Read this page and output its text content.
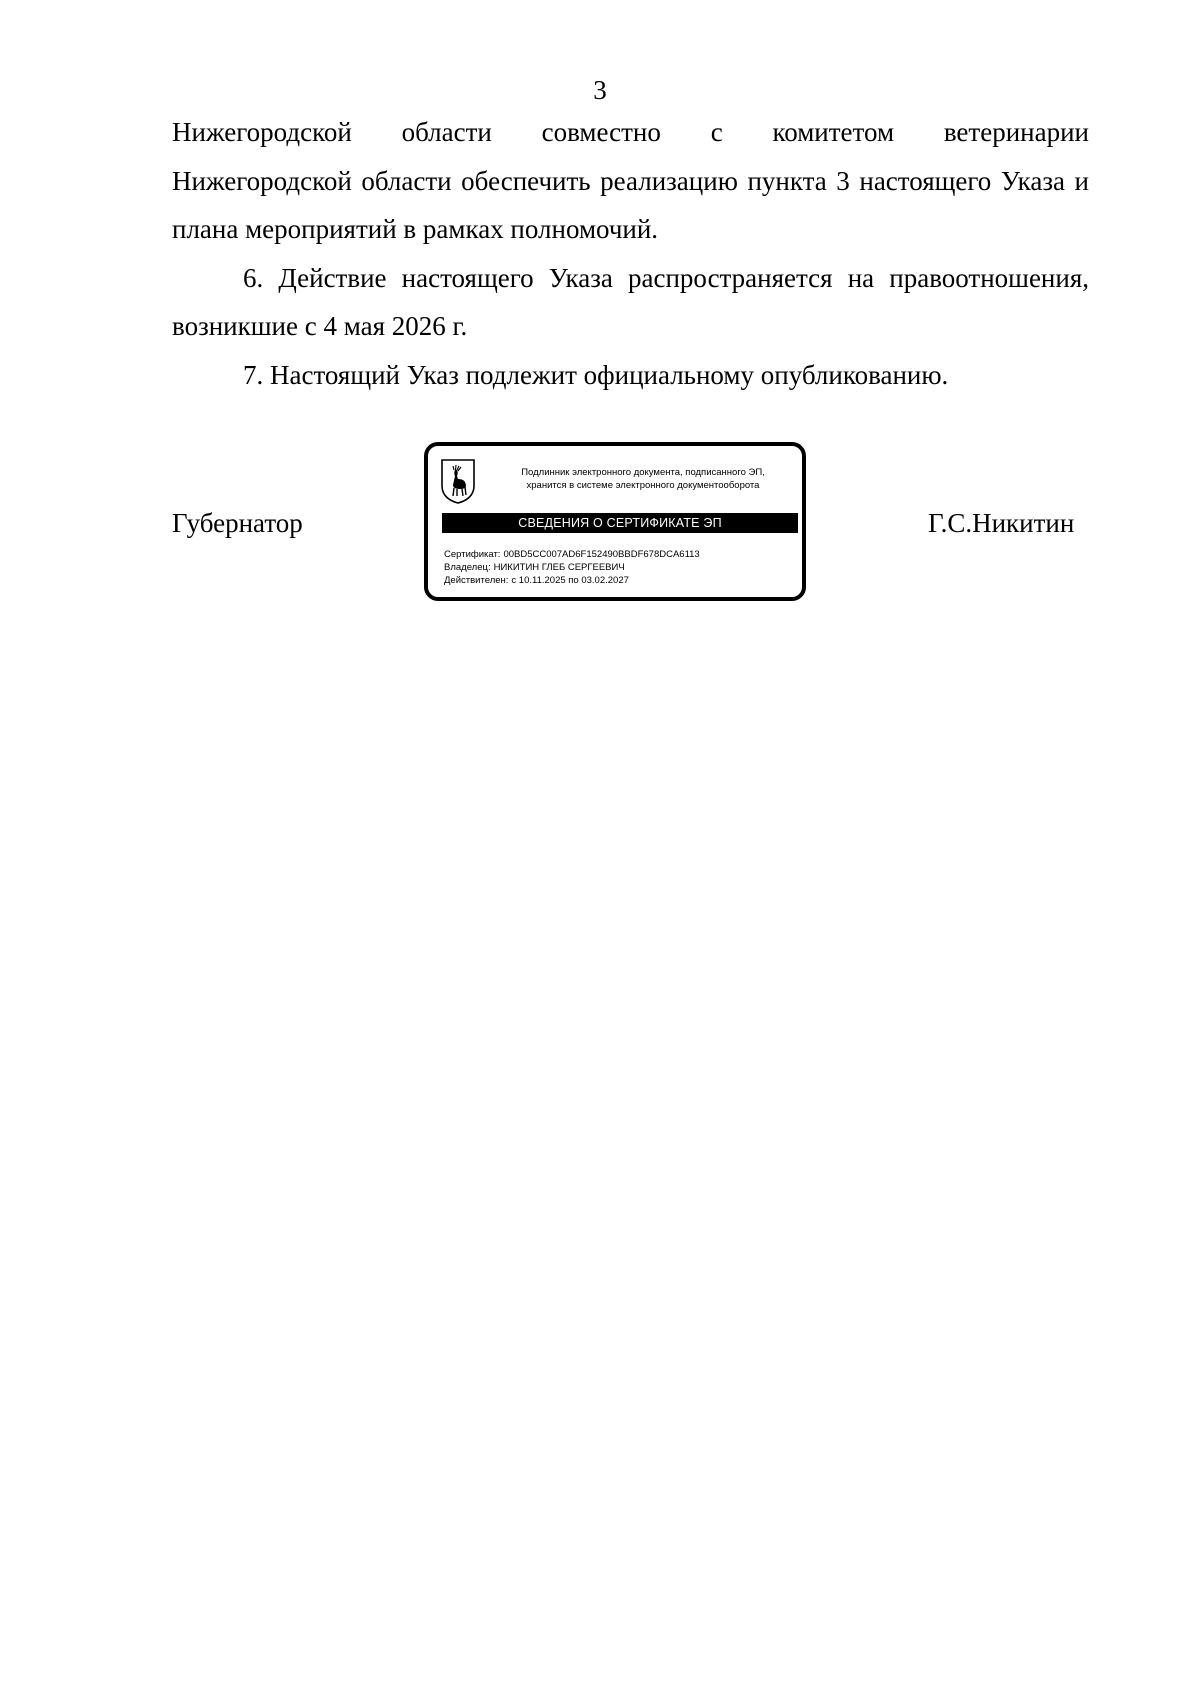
3
Нижегородской области совместно с комитетом ветеринарии

Нижегородской области обеспечить реализацию пункта 3 настоящего Указа и плана мероприятий в рамках полномочий.

6. Действие настоящего Указа распространяется на правоотношения, возникшие с 4 мая 2026 г.

7. Настоящий Указ подлежит официальному опубликованию.

Губернатор
Подлинник электронного документа, подписанного ЭП,
хранится в системе электронного документооборота
СВЕДЕНИЯ О СЕРТИФИКАТЕ ЭП
Сертификат: 00BD5CC007AD6F152490BBDF678DCA6113
Владелец: НИКИТИН ГЛЕБ СЕРГЕЕВИЧ
Действителен: с 10.11.2025 по 03.02.2027
Г.С.Никитин
